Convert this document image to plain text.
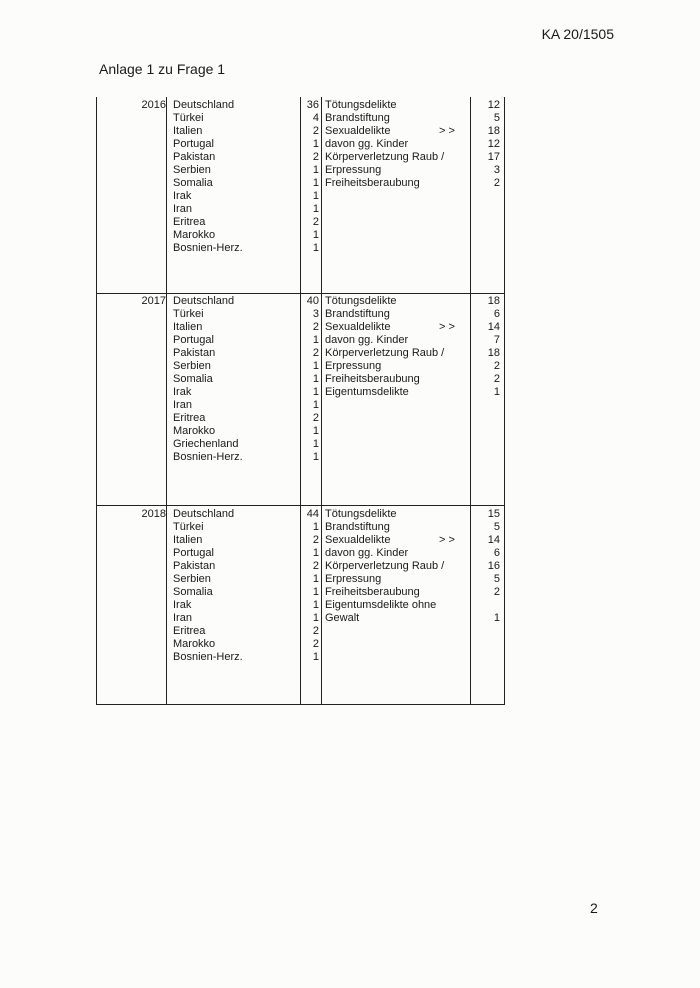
KA 20/1505
Anlage 1 zu Frage 1
2016 Deutschland
Türkei
Italien
Portugal
Pakistan
Serbien
Somalia
Irak
Iran
Eritrea
Marokko
Bosnien-Herz.
36
4
2
1
2
1
1
1
1
2
1
1
Tötungsdelikte
Brandstiftung
Sexualdelikte
davon gg. Kinder
Körperverletzung Raub /
Erpressung
Freiheitsberaubung
> >
12
5
18
12
17
3
2
2017 Deutschland
Türkei
Italien
Portugal
Pakistan
Serbien
Somalia
Irak
Iran
Eritrea
Marokko
Griechenland
Bosnien-Herz.
40
3
2
1
2
1
1
1
1
2
1
1
1
Tötungsdelikte
Brandstiftung
Sexualdelikte
davon gg. Kinder
Körperverletzung Raub /
Erpressung
Freiheitsberaubung
Eigentumsdelikte
> >
18
6
14
7
18
2
2
1
2018 Deutschland
Türkei
Italien
Portugal
Pakistan
Serbien
Somalia
Irak
Iran
Eritrea
Marokko
Bosnien-Herz.
44
1
2
1
2
1
1
1
1
2
2
1
Tötungsdelikte
Brandstiftung
Sexualdelikte
davon gg. Kinder
Körperverletzung Raub /
Erpressung
Freiheitsberaubung
Eigentumsdelikte ohne
Gewalt
> >
15
5
14
6
16
5
2
1
2
